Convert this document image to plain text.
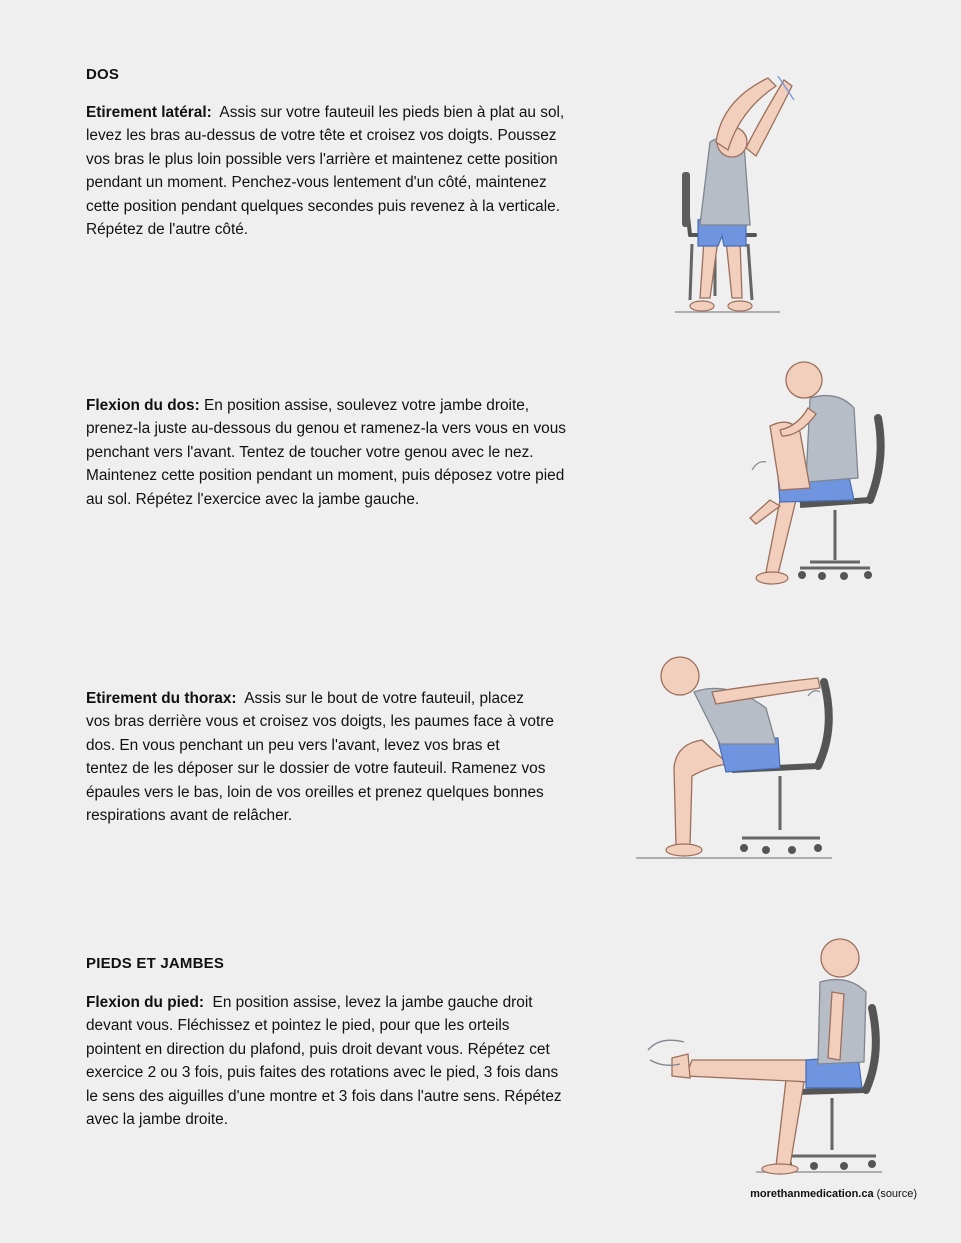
DOS
Etirement latéral:  Assis sur votre fauteuil les pieds bien à plat au sol,
levez les bras au-dessus de votre tête et croisez vos doigts. Poussez
vos bras le plus loin possible vers l'arrière et maintenez cette position
pendant un moment. Penchez-vous lentement d'un côté, maintenez
cette position pendant quelques secondes puis revenez à la verticale.
Répétez de l'autre côté.
Flexion du dos: En position assise, soulevez votre jambe droite,
prenez-la juste au-dessous du genou et ramenez-la vers vous en vous
penchant vers l'avant. Tentez de toucher votre genou avec le nez.
Maintenez cette position pendant un moment, puis déposez votre pied
au sol. Répétez l'exercice avec la jambe gauche.
Etirement du thorax:  Assis sur le bout de votre fauteuil, placez
vos bras derrière vous et croisez vos doigts, les paumes face à votre
dos. En vous penchant un peu vers l'avant, levez vos bras et
tentez de les déposer sur le dossier de votre fauteuil. Ramenez vos
épaules vers le bas, loin de vos oreilles et prenez quelques bonnes
respirations avant de relâcher.
PIEDS ET JAMBES
Flexion du pied:  En position assise, levez la jambe gauche droit
devant vous. Fléchissez et pointez le pied, pour que les orteils
pointent en direction du plafond, puis droit devant vous. Répétez cet
exercice 2 ou 3 fois, puis faites des rotations avec le pied, 3 fois dans
le sens des aiguilles d'une montre et 3 fois dans l'autre sens. Répétez
avec la jambe droite.
morethanmedication.ca (source)
